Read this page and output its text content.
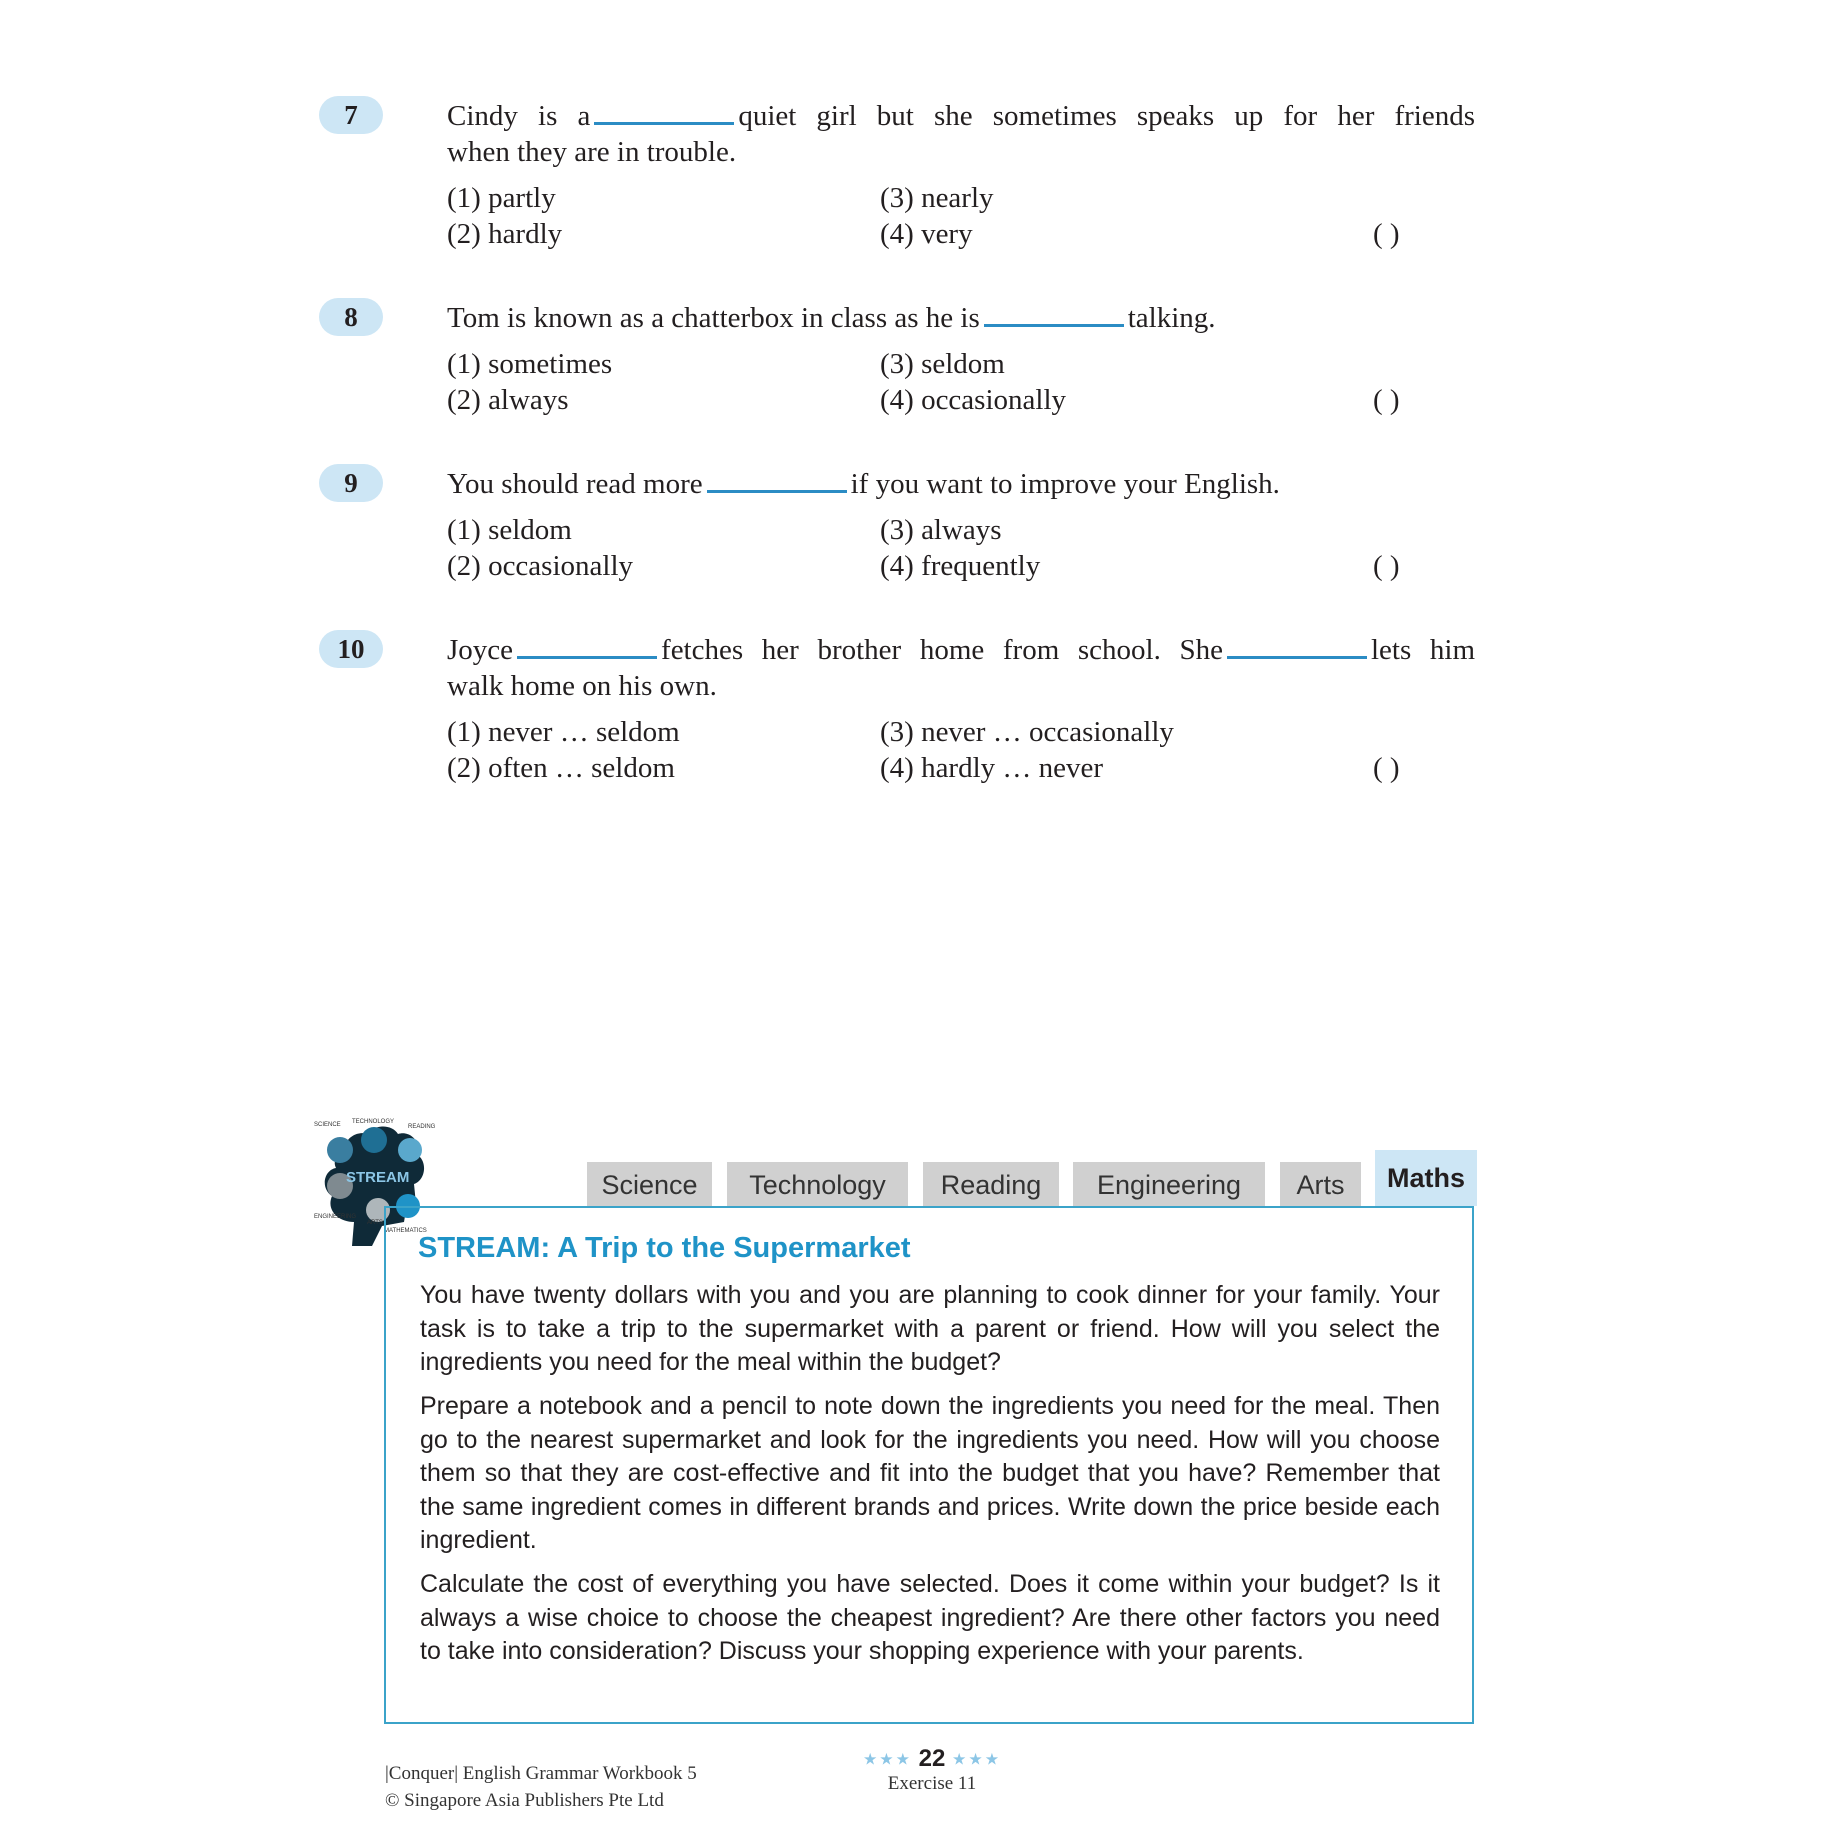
7	Cindy is a	quiet girl but she sometimes speaks up for her friends
when they are in trouble.
(1) partly
(2) hardly
(3) nearly
(4) very	( )
8	Tom is known as a chatterbox in class as he is	talking.
(1) sometimes
(2) always
(3) seldom
(4) occasionally	( )
9	You should read more	if you want to improve your English.
(1) seldom
(2) occasionally
(3) always
(4) frequently	( )
10	Joyce	fetches her brother home from school. She	lets him
walk home on his own.
(1) never … seldom
(2) often … seldom
(3) never … occasionally
(4) hardly … never	( )
STREAM
SCIENCE TECHNOLOGY
READING
ENGINEERING
ARTS
MATHEMATICS
Science	Technology	Reading	Engineering	Arts	Maths
STREAM: A Trip to the Supermarket
You have twenty dollars with you and you are planning to cook dinner for your family. Your task is to take a trip to the supermarket with a parent or friend. How will you select the ingredients you need for the meal within the budget?
Prepare a notebook and a pencil to note down the ingredients you need for the meal. Then go to the nearest supermarket and look for the ingredients you need. How will you choose them so that they are cost-effective and fit into the budget that you have? Remember that the same ingredient comes in different brands and prices. Write down the price beside each ingredient.
Calculate the cost of everything you have selected. Does it come within your budget? Is it always a wise choice to choose the cheapest ingredient? Are there other factors you need to take into consideration? Discuss your shopping experience with your parents.
|Conquer| English Grammar Workbook 5
© Singapore Asia Publishers Pte Ltd
★★★ 22 ★★★
Exercise 11
